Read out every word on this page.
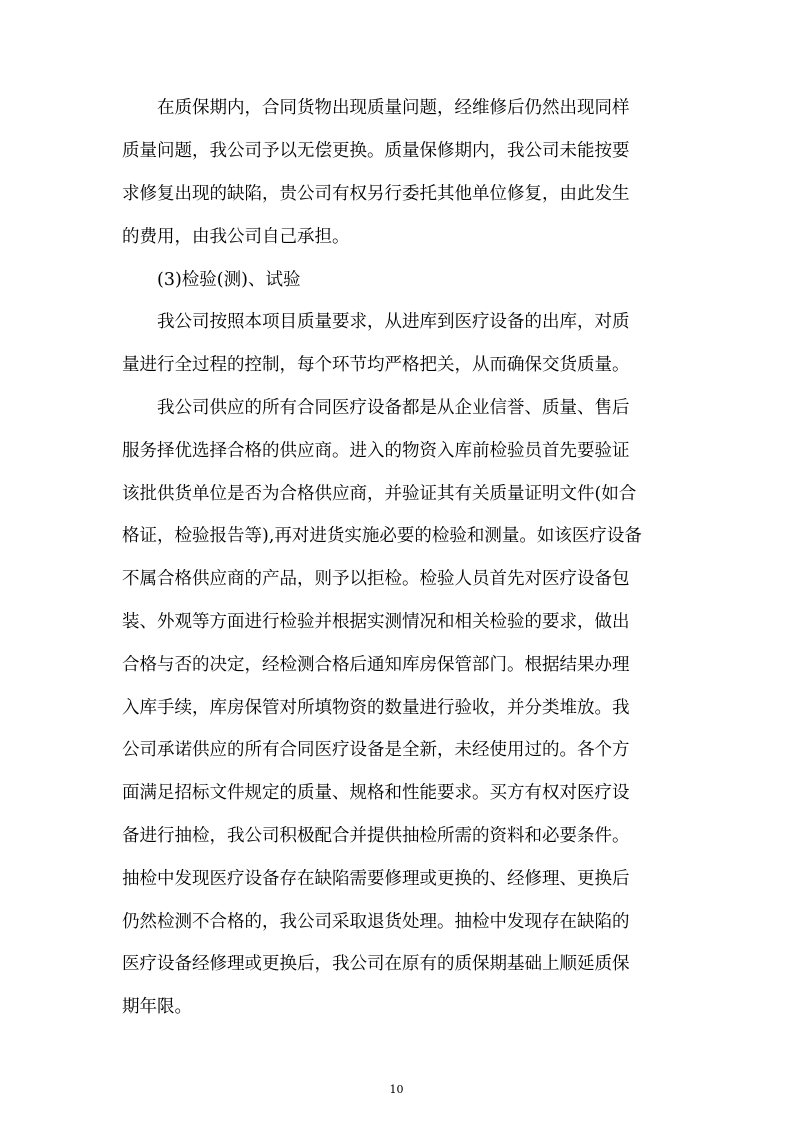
在质保期内，合同货物出现质量问题，经维修后仍然出现同样
质量问题，我公司予以无偿更换。质量保修期内，我公司未能按要
求修复出现的缺陷，贵公司有权另行委托其他单位修复，由此发生
的费用，由我公司自己承担。
(3)检验(测)、试验
我公司按照本项目质量要求，从进库到医疗设备的出库，对质
量进行全过程的控制，每个环节均严格把关，从而确保交货质量。
我公司供应的所有合同医疗设备都是从企业信誉、质量、售后
服务择优选择合格的供应商。进入的物资入库前检验员首先要验证
该批供货单位是否为合格供应商，并验证其有关质量证明文件(如合
格证，检验报告等),再对进货实施必要的检验和测量。如该医疗设备
不属合格供应商的产品，则予以拒检。检验人员首先对医疗设备包
装、外观等方面进行检验并根据实测情况和相关检验的要求，做出
合格与否的决定，经检测合格后通知库房保管部门。根据结果办理
入库手续，库房保管对所填物资的数量进行验收，并分类堆放。我
公司承诺供应的所有合同医疗设备是全新，未经使用过的。各个方
面满足招标文件规定的质量、规格和性能要求。买方有权对医疗设
备进行抽检，我公司积极配合并提供抽检所需的资料和必要条件。
抽检中发现医疗设备存在缺陷需要修理或更换的、经修理、更换后
仍然检测不合格的，我公司采取退货处理。抽检中发现存在缺陷的
医疗设备经修理或更换后，我公司在原有的质保期基础上顺延质保
期年限。
10
